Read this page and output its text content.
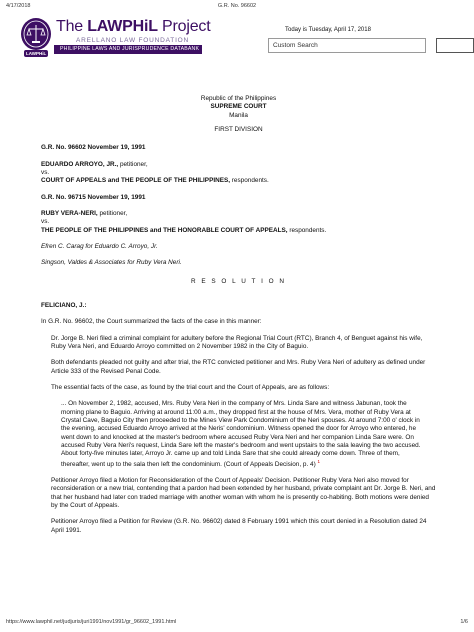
4/17/2018	G.R. No. 96602
LAWPHiL
The LAWPHiL Project
ARELLANO LAW FOUNDATION
PHILIPPINE LAWS AND JURISPRUDENCE DATABANK
Today is Tuesday, April 17, 2018
Custom Search

Republic of the Philippines

SUPREME COURT

Manila

FIRST DIVISION

G.R. No. 96602 November 19, 1991

EDUARDO ARROYO, JR., petitioner,

vs.

COURT OF APPEALS and THE PEOPLE OF THE PHILIPPINES, respondents.

G.R. No. 96715 November 19, 1991

RUBY VERA-NERI, petitioner,

vs.

THE PEOPLE OF THE PHILIPPINES and THE HONORABLE COURT OF APPEALS, respondents.

Efren C. Carag for Eduardo C. Arroyo, Jr.

Singson, Valdes & Associates for Ruby Vera Neri.

R E S O L U T I O N

FELICIANO, J.:

In G.R. No. 96602, the Court summarized the facts of the case in this manner:

Dr. Jorge B. Neri filed a criminal complaint for adultery before the Regional Trial Court (RTC), Branch 4, of Benguet against his wife, Ruby Vera Neri, and Eduardo Arroyo committed on 2 November 1982 in the City of Baguio.

Both defendants pleaded not guilty and after trial, the RTC convicted petitioner and Mrs. Ruby Vera Neri of adultery as defined under Article 333 of the Revised Penal Code.

The essential facts of the case, as found by the trial court and the Court of Appeals, are as follows:

... On November 2, 1982, accused, Mrs. Ruby Vera Neri in the company of Mrs. Linda Sare and witness Jabunan, took the morning plane to Baguio. Arriving at around 11:00 a.m., they dropped first at the house of Mrs. Vera, mother of Ruby Vera at Crystal Cave, Baguio City then proceeded to the Mines View Park Condominium of the Neri spouses. At around 7:00 o' clock in the evening, accused Eduardo Arroyo arrived at the Neris' condominium. Witness opened the door for Arroyo who entered, he went down to and knocked at the master's bedroom where accused Ruby Vera Neri and her companion Linda Sare were. On accused Ruby Vera Neri's request, Linda Sare left the master's bedroom and went upstairs to the sala leaving the two accused. About forty-five minutes later, Arroyo Jr. came up and told Linda Sare that she could already come down. Three of them, thereafter, went up to the sala then left the condominium. (Court of Appeals Decision, p. 4) $^1$

Petitioner Arroyo filed a Motion for Reconsideration of the Court of Appeals' Decision. Petitioner Ruby Vera Neri also moved for reconsideration or a new trial, contending that a pardon had been extended by her husband, private complaint ant Dr. Jorge B. Neri, and that her husband had later con traded marriage with another woman with whom he is presently co-habiting. Both motions were denied by the Court of Appeals.

Petitioner Arroyo filed a Petition for Review (G.R. No. 96602) dated 8 February 1991 which this court denied in a Resolution dated 24 April 1991.

https://www.lawphil.net/judjuris/juri1991/nov1991/gr_96602_1991.html	1/6
